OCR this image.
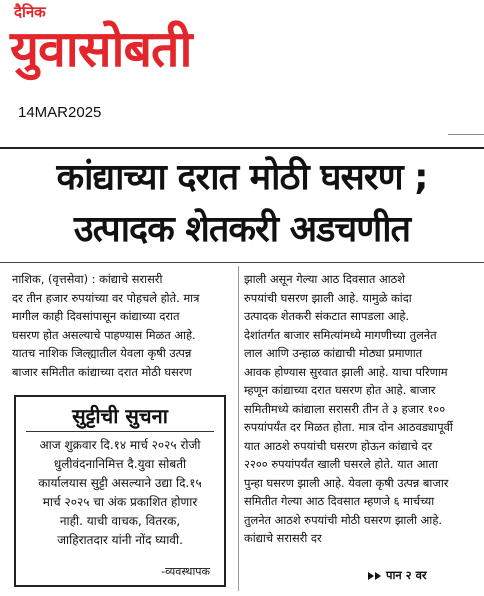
दैनिक
युवासोबती
14MAR2025
कांद्याच्या दरात मोठी घसरण ;
उत्पादक शेतकरी अडचणीत
नाशिक, (वृत्तसेवा) : कांद्याचे सरासरी
दर तीन हजार रुपयांच्या वर पोहचले होते. मात्र
मागील काही दिवसांपासून कांद्याच्या दरात
घसरण होत असल्याचे पाहण्यास मिळत आहे.
यातच नाशिक जिल्ह्यातील येवला कृषी उत्पन्न
बाजार समितीत कांद्याच्या दरात मोठी घसरण
झाली असून गेल्या आठ दिवसात आठशे
रुपयांची घसरण झाली आहे. यामुळे कांदा
उत्पादक शेतकरी संकटात सापडला आहे.
देशांतर्गत बाजार समित्यांमध्ये मागणीच्या तुलनेत
लाल आणि उन्हाळ कांद्याची मोठ्या प्रमाणात
आवक होण्यास सुरवात झाली आहे. याचा परिणाम
म्हणून कांद्याच्या दरात घसरण होत आहे. बाजार
समितीमध्ये कांद्याला सरासरी तीन ते ३ हजार १००
रुपयांपर्यंत दर मिळत होता. मात्र दोन आठवड्यापूर्वी
यात आठशे रुपयांची घसरण होऊन कांद्याचे दर
२२०० रुपयांपर्यंत खाली घसरले होते. यात आता
पुन्हा घसरण झाली आहे. येवला कृषी उत्पन्न बाजार
समितीत गेल्या आठ दिवसात म्हणजे ६ मार्चच्या
तुलनेत आठशे रुपयांची मोठी घसरण झाली आहे.
कांद्याचे सरासरी दर
पान २ वर
सुट्टीची सुचना
आज शुक्रवार दि.१४ मार्च २०२५ रोजी
धुलीवंदनानिमित्त दै.युवा सोबती
कार्यालयास सुट्टी असल्याने उद्या दि.१५
मार्च २०२५ चा अंक प्रकाशित होणार
नाही. याची वाचक, वितरक,
जाहिरातदार यांनी नोंद घ्यावी.
-व्यवस्थापक
